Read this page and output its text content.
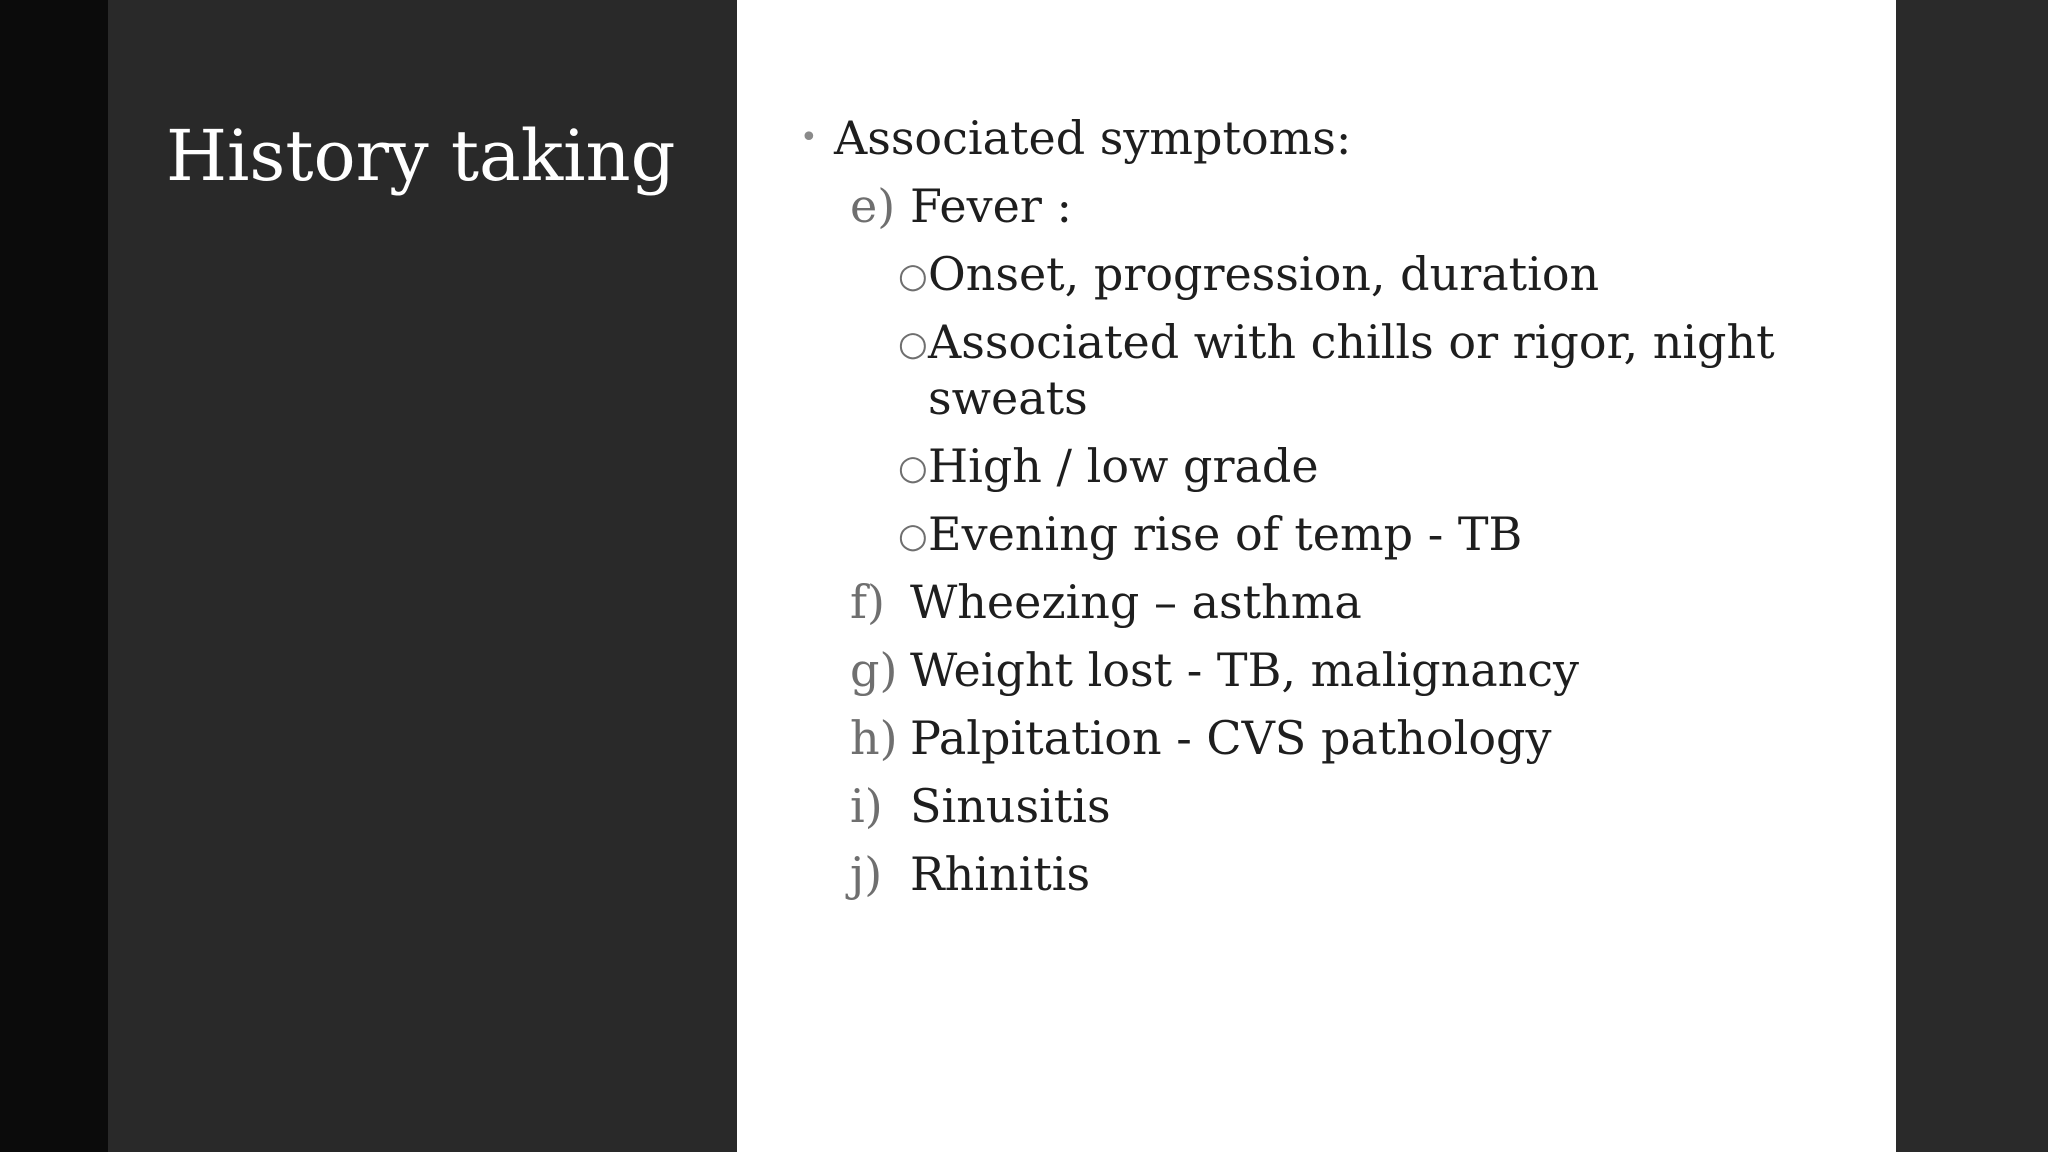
History taking	• Associated symptoms:
e) Fever :
○ Onset, progression, duration
○ Associated with chills or rigor, night sweats
○ High / low grade
○ Evening rise of temp - TB
f) Wheezing – asthma
g) Weight lost - TB, malignancy
h) Palpitation - CVS pathology
i) Sinusitis
j) Rhinitis
